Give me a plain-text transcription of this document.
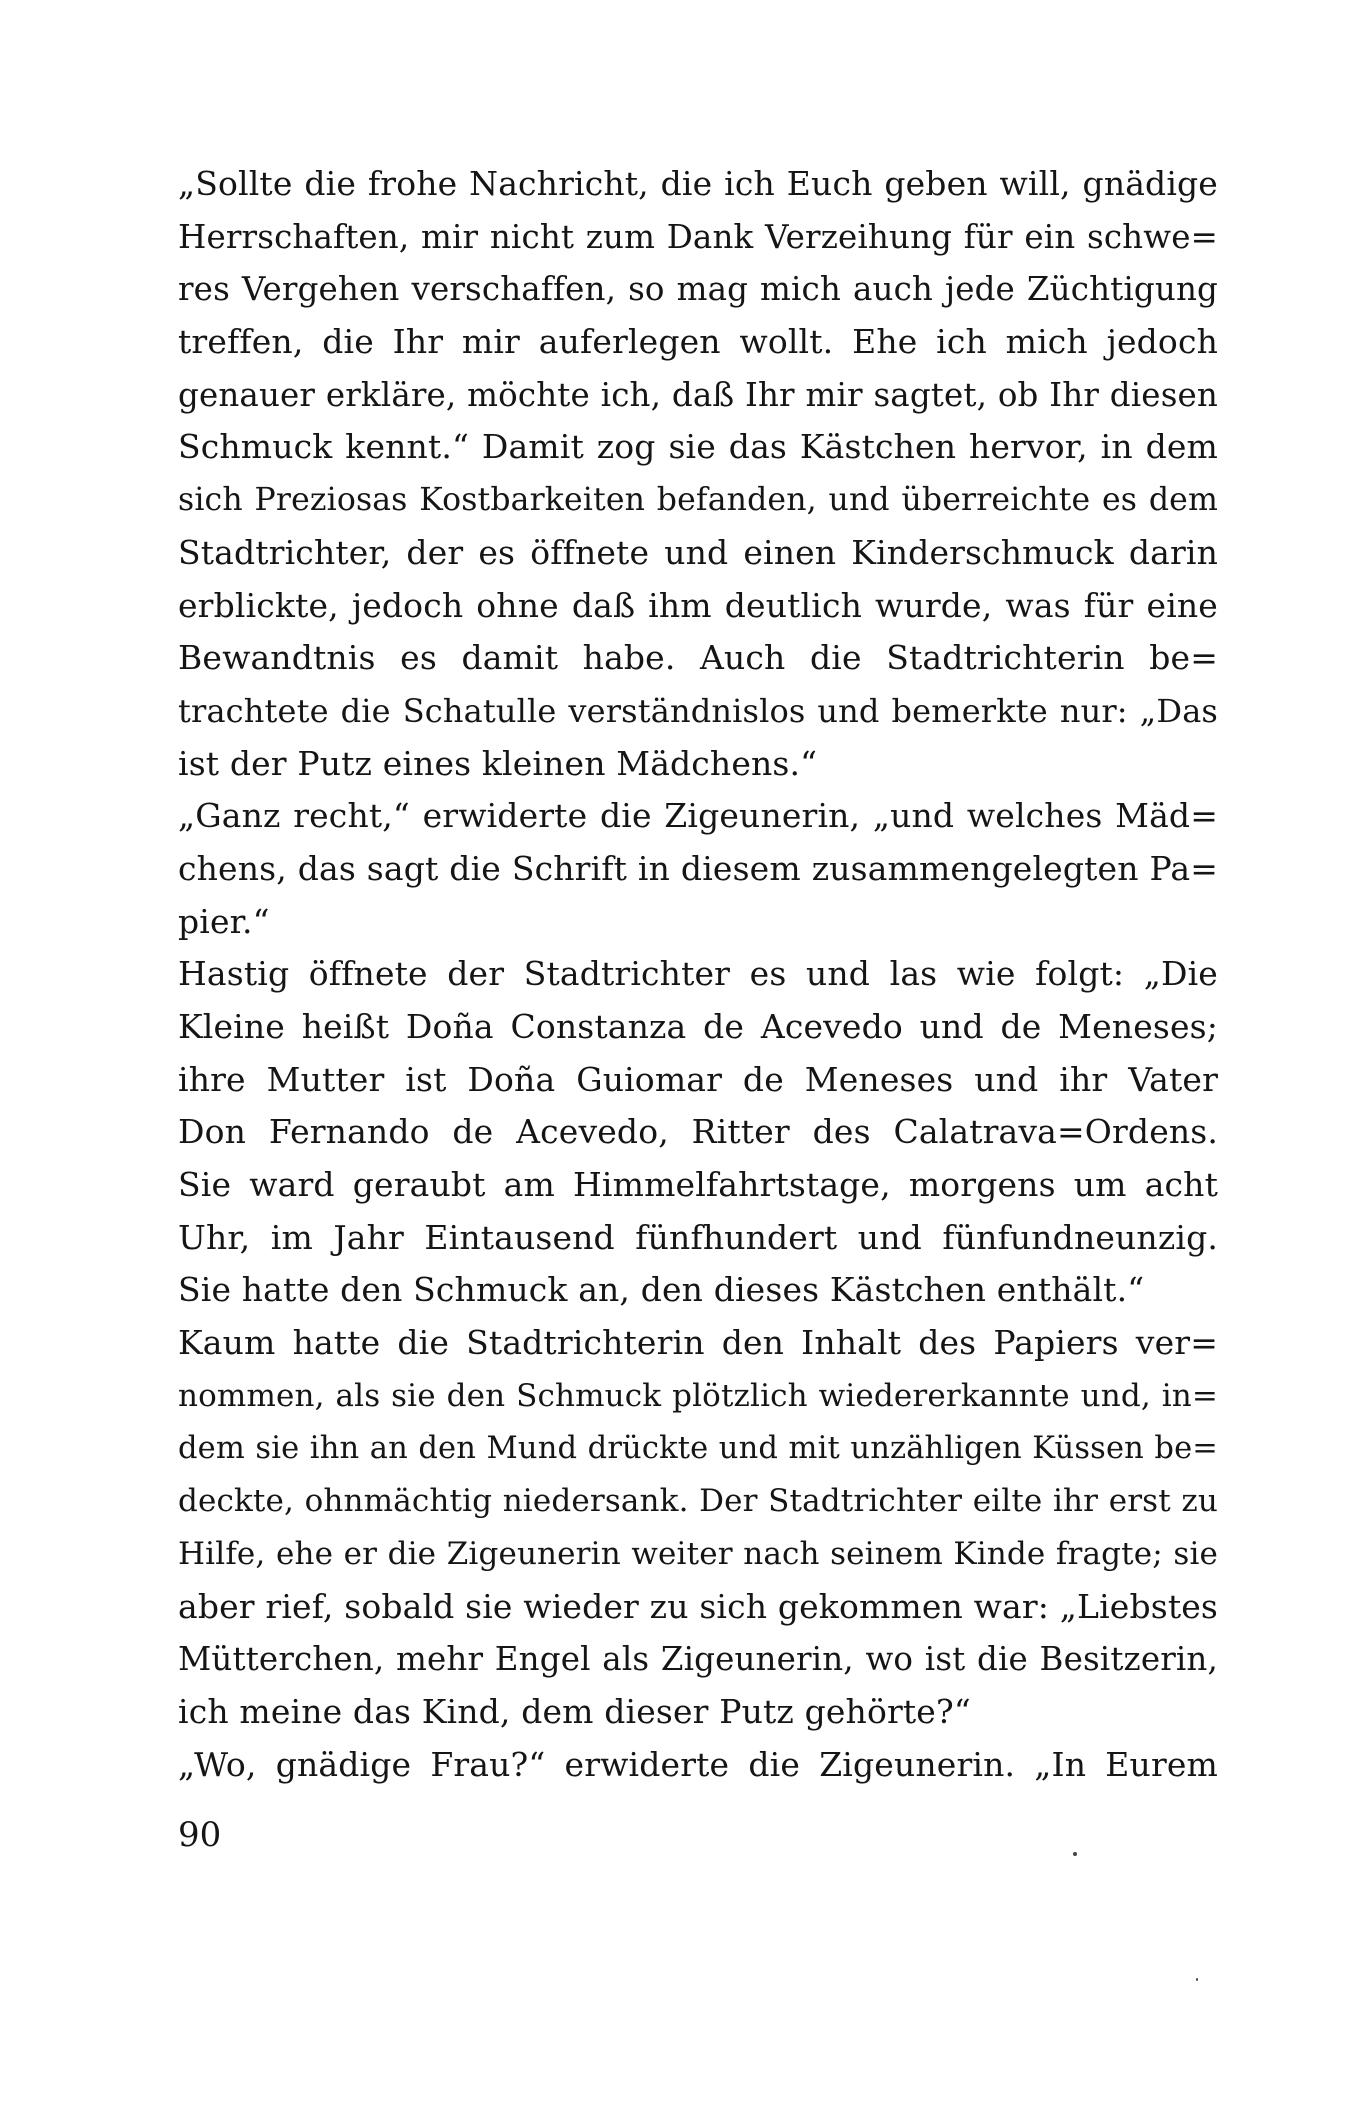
„Sollte die frohe Nachricht, die ich Euch geben will, gnädige
Herrschaften, mir nicht zum Dank Verzeihung für ein schwe=
res Vergehen verschaffen, so mag mich auch jede Züchtigung
treffen, die Ihr mir auferlegen wollt. Ehe ich mich jedoch
genauer erkläre, möchte ich, daß Ihr mir sagtet, ob Ihr diesen
Schmuck kennt.“ Damit zog sie das Kästchen hervor, in dem
sich Preziosas Kostbarkeiten befanden, und überreichte es dem
Stadtrichter, der es öffnete und einen Kinderschmuck darin
erblickte, jedoch ohne daß ihm deutlich wurde, was für eine
Bewandtnis es damit habe. Auch die Stadtrichterin be=
trachtete die Schatulle verständnislos und bemerkte nur: „Das
ist der Putz eines kleinen Mädchens.“
„Ganz recht,“ erwiderte die Zigeunerin, „und welches Mäd=
chens, das sagt die Schrift in diesem zusammengelegten Pa=
pier.“
Hastig öffnete der Stadtrichter es und las wie folgt: „Die
Kleine heißt Doña Constanza de Acevedo und de Meneses;
ihre Mutter ist Doña Guiomar de Meneses und ihr Vater
Don Fernando de Acevedo, Ritter des Calatrava=Ordens.
Sie ward geraubt am Himmelfahrtstage, morgens um acht
Uhr, im Jahr Eintausend fünfhundert und fünfundneunzig.
Sie hatte den Schmuck an, den dieses Kästchen enthält.“
Kaum hatte die Stadtrichterin den Inhalt des Papiers ver=
nommen, als sie den Schmuck plötzlich wiedererkannte und, in=
dem sie ihn an den Mund drückte und mit unzähligen Küssen be=
deckte, ohnmächtig niedersank. Der Stadtrichter eilte ihr erst zu
Hilfe, ehe er die Zigeunerin weiter nach seinem Kinde fragte; sie
aber rief, sobald sie wieder zu sich gekommen war: „Liebstes
Mütterchen, mehr Engel als Zigeunerin, wo ist die Besitzerin,
ich meine das Kind, dem dieser Putz gehörte?“
„Wo, gnädige Frau?“ erwiderte die Zigeunerin. „In Eurem
90
